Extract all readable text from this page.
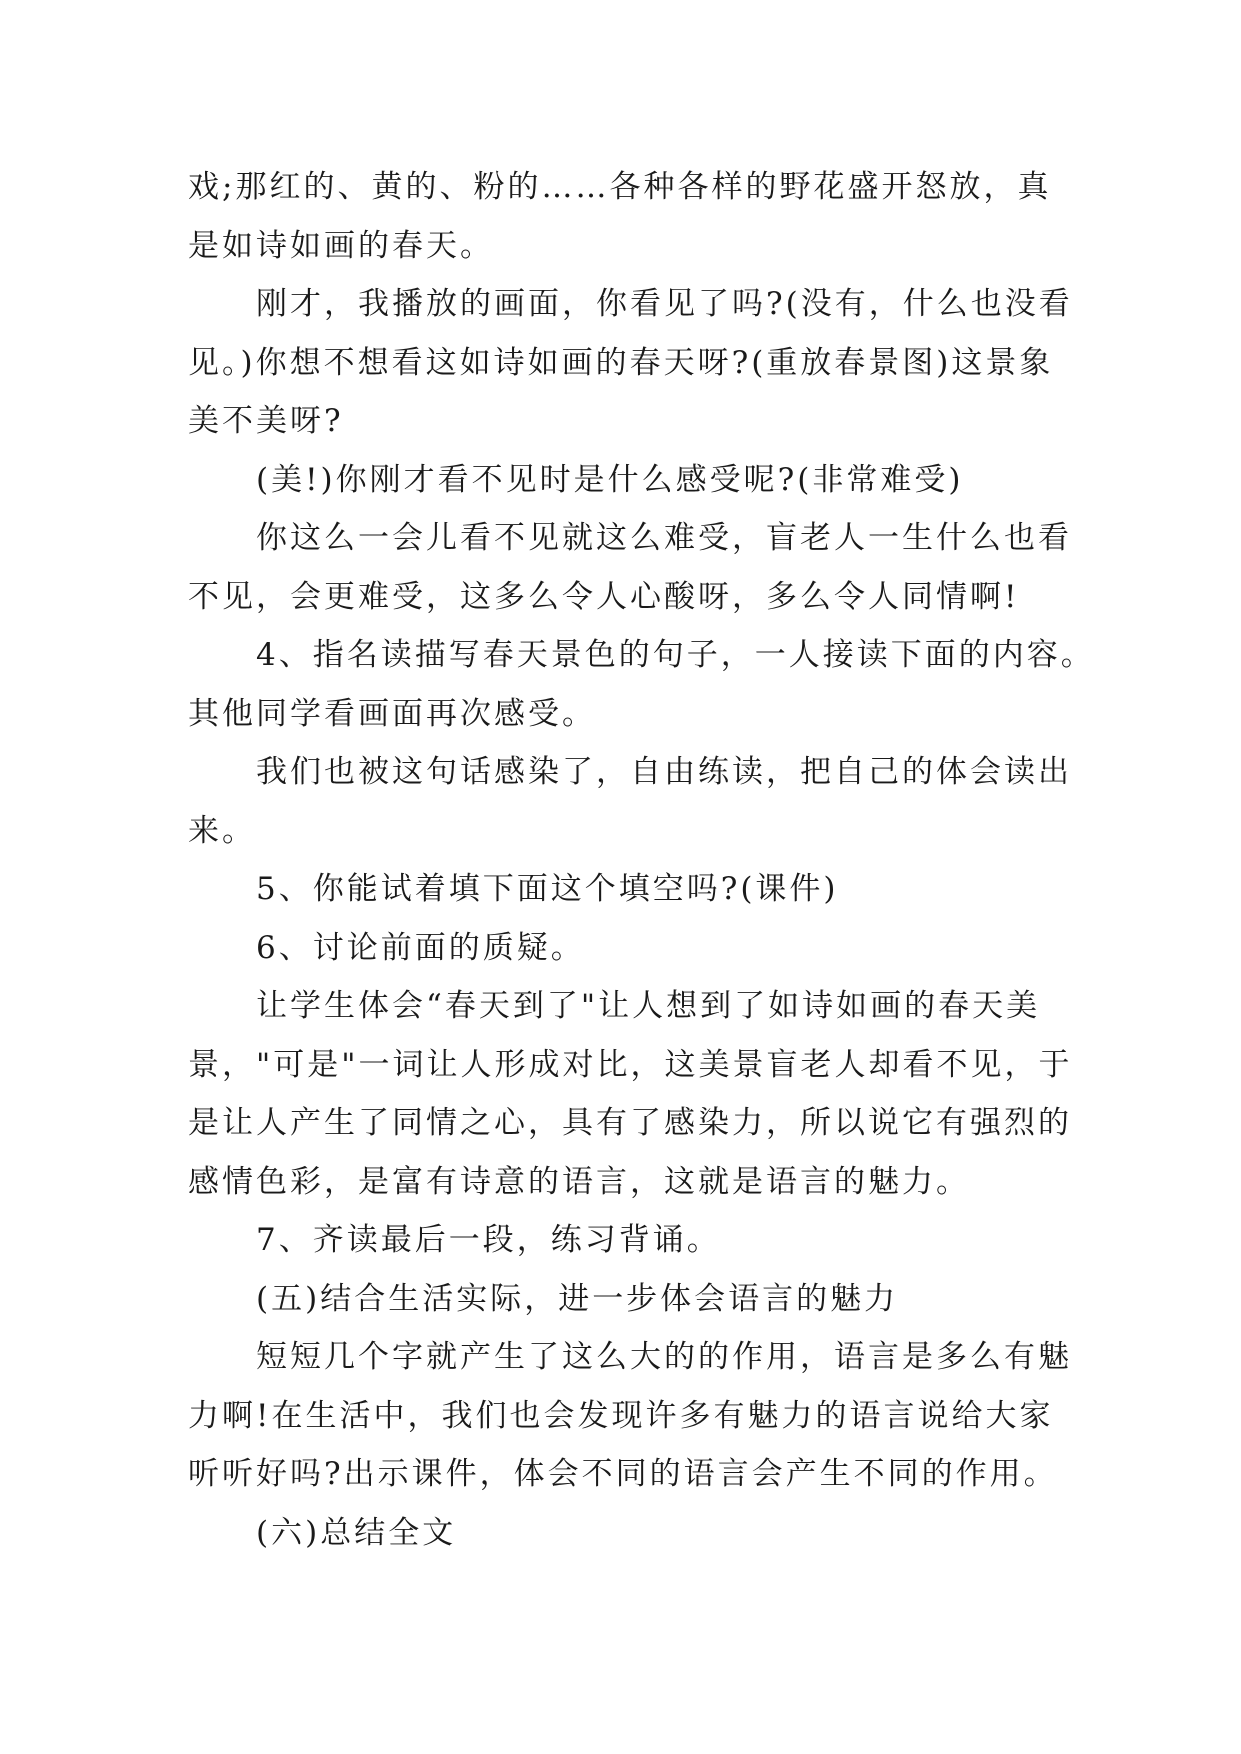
戏;那红的、黄的、粉的……各种各样的野花盛开怒放，真

是如诗如画的春天。

刚才，我播放的画面，你看见了吗?(没有，什么也没看

见。)你想不想看这如诗如画的春天呀?(重放春景图)这景象

美不美呀?

(美!)你刚才看不见时是什么感受呢?(非常难受)

你这么一会儿看不见就这么难受，盲老人一生什么也看

不见，会更难受，这多么令人心酸呀，多么令人同情啊!

4、指名读描写春天景色的句子，一人接读下面的内容。

其他同学看画面再次感受。

我们也被这句话感染了，自由练读，把自己的体会读出

来。

5、你能试着填下面这个填空吗?(课件)

6、讨论前面的质疑。

让学生体会“春天到了"让人想到了如诗如画的春天美

景，"可是"一词让人形成对比，这美景盲老人却看不见，于

是让人产生了同情之心，具有了感染力，所以说它有强烈的

感情色彩，是富有诗意的语言，这就是语言的魅力。

7、齐读最后一段，练习背诵。

(五)结合生活实际，进一步体会语言的魅力

短短几个字就产生了这么大的的作用，语言是多么有魅

力啊!在生活中，我们也会发现许多有魅力的语言说给大家

听听好吗?出示课件，体会不同的语言会产生不同的作用。

(六)总结全文
